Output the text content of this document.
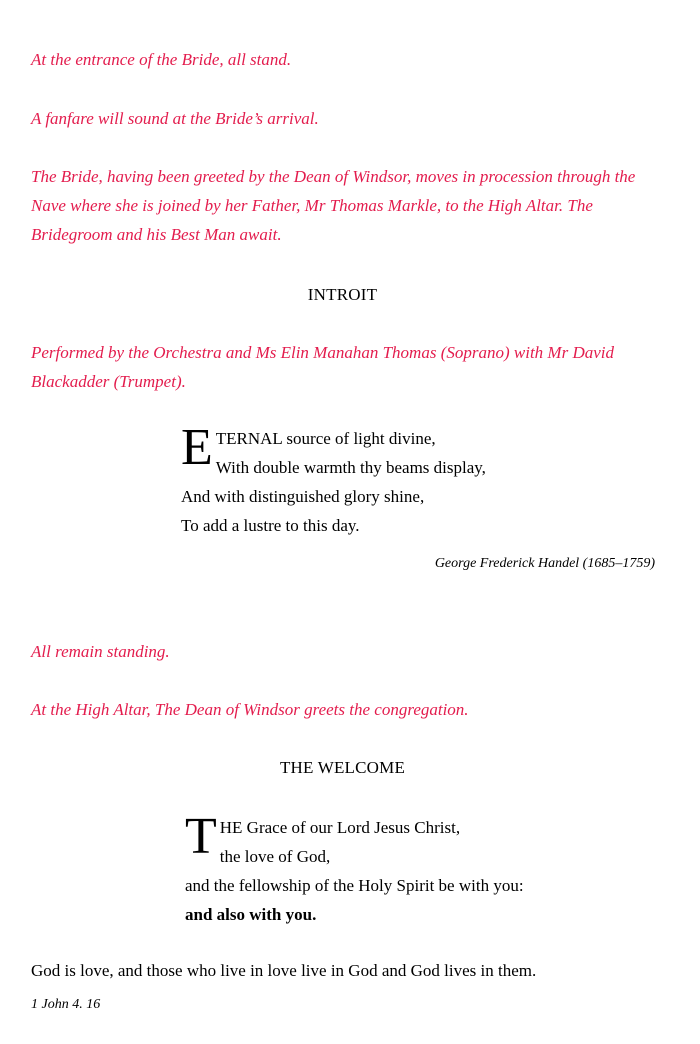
At the entrance of the Bride, all stand.

A fanfare will sound at the Bride’s arrival.

The Bride, having been greeted by the Dean of Windsor, moves in procession through the Nave where she is joined by her Father, Mr Thomas Markle, to the High Altar. The Bridegroom and his Best Man await.

INTROIT

Performed by the Orchestra and Ms Elin Manahan Thomas (Soprano) with Mr David Blackadder (Trumpet).

E TERNAL source of light divine,
With double warmth thy beams display,
And with distinguished glory shine,
To add a lustre to this day.

George Frederick Handel (1685–1759)

All remain standing.

At the High Altar, The Dean of Windsor greets the congregation.

THE WELCOME
T HE Grace of our Lord Jesus Christ,
the love of God,
and the fellowship of the Holy Spirit be with you:
and also with you.

God is love, and those who live in love live in God and God lives in them.

1 John 4. 16
